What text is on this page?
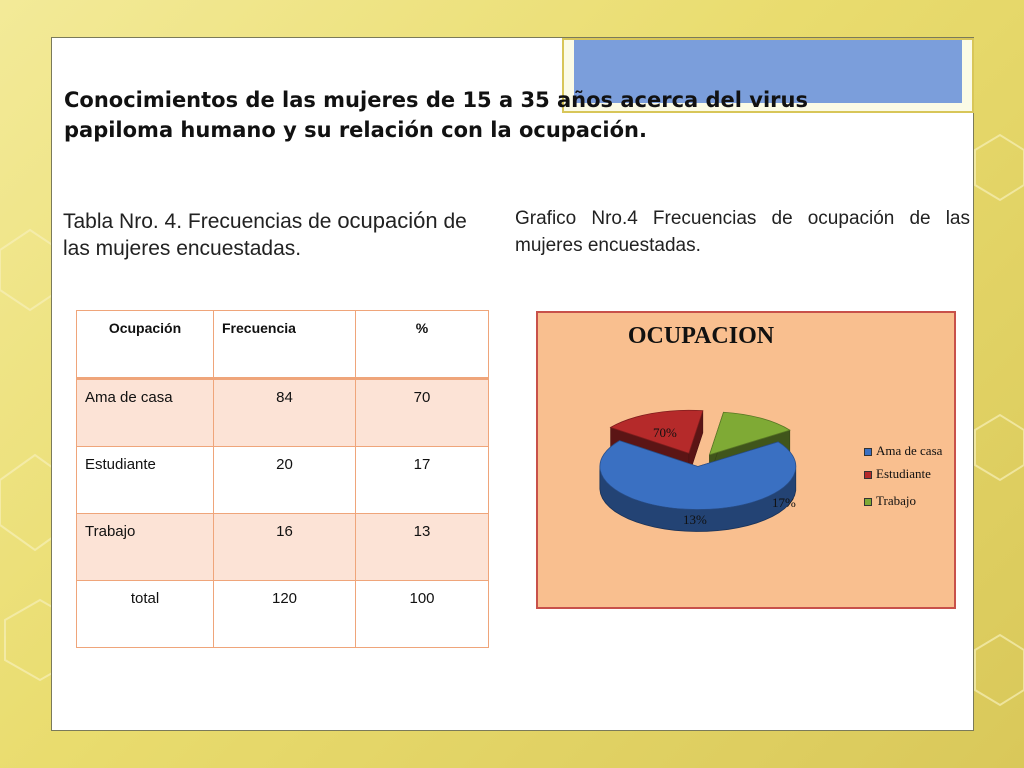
Conocimientos de las mujeres de 15 a 35 años acerca del virus papiloma humano y su relación con la ocupación.
Tabla Nro. 4. Frecuencias de ocupación de las mujeres encuestadas.
Grafico Nro.4 Frecuencias de ocupación de las mujeres encuestadas.
Ocupación	Frecuencia	%
Ama de casa	84	70
Estudiante	20	17
Trabajo	16	13
total	120	100
OCUPACION
Ama de casa
Estudiante
Trabajo
70%
17%
13%
